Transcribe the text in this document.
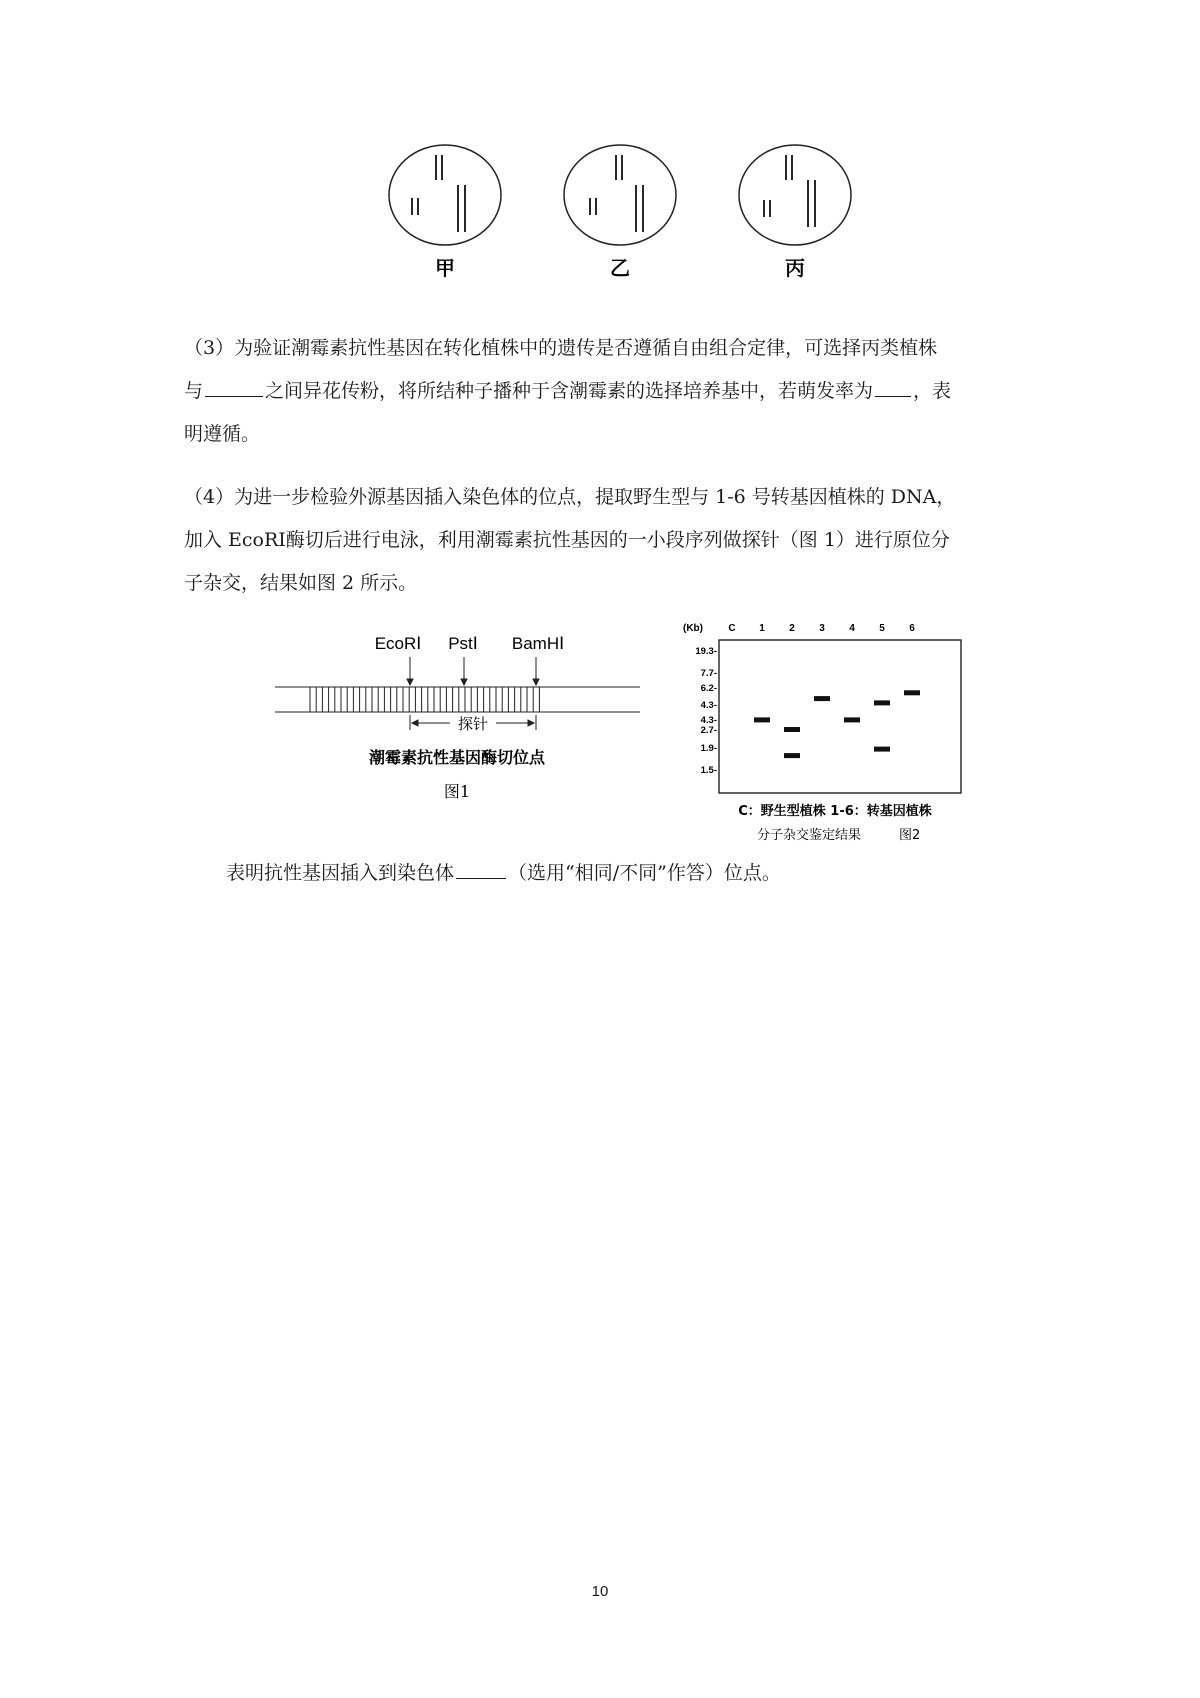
甲	乙	丙
（3）为验证潮霉素抗性基因在转化植株中的遗传是否遵循自由组合定律，可选择丙类植株
与	之间异花传粉，将所结种子播种于含潮霉素的选择培养基中，若萌发率为 ，表
明遵循。
（4）为进一步检验外源基因插入染色体的位点，提取野生型与 1-6 号转基因植株的 DNA，
加入 EcoRⅠ酶切后进行电泳，利用潮霉素抗性基因的一小段序列做探针（图 1）进行原位分
子杂交，结果如图 2 所示。
EcoRⅠ PstⅠ BamHⅠ
探针
潮霉素抗性基因酶切位点
图1
(Kb)	C 1 2 3 4 5 6
19.3-
7.7-
6.2-
4.3-
4.3-
2.7-
1.9-
1.5-
C：野生型植株 1-6：转基因植株
分子杂交鉴定结果	图2
表明抗性基因插入到染色体	（选用“相同/不同”作答）位点。
10
